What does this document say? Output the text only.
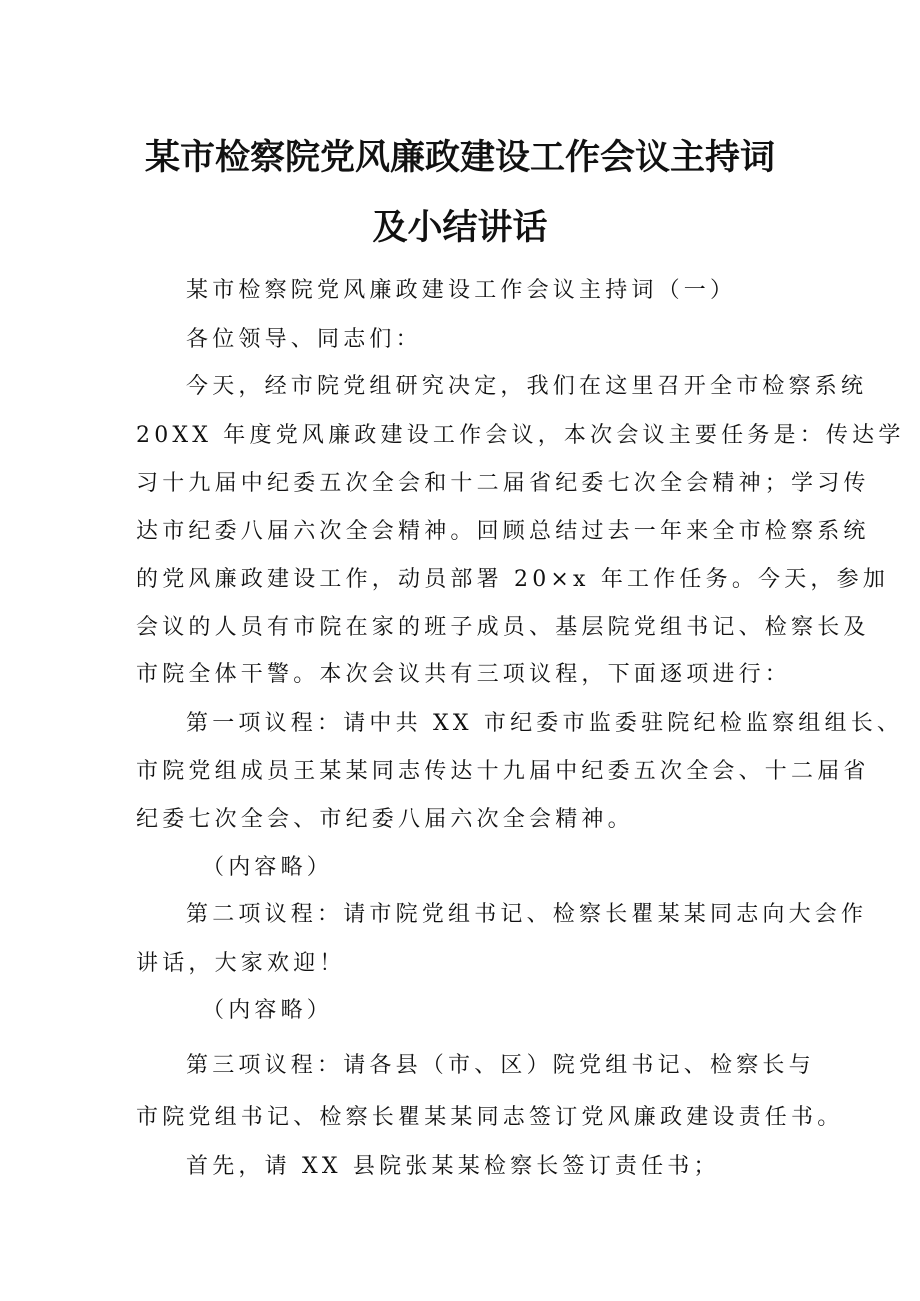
某市检察院党风廉政建设工作会议主持词
及小结讲话
某市检察院党风廉政建设工作会议主持词（一）
各位领导、同志们：
今天，经市院党组研究决定，我们在这里召开全市检察系统
20XX 年度党风廉政建设工作会议，本次会议主要任务是：传达学
习十九届中纪委五次全会和十二届省纪委七次全会精神；学习传
达市纪委八届六次全会精神。回顾总结过去一年来全市检察系统
的党风廉政建设工作，动员部署 20×x 年工作任务。今天，参加
会议的人员有市院在家的班子成员、基层院党组书记、检察长及
市院全体干警。本次会议共有三项议程，下面逐项进行：
第一项议程：请中共 XX 市纪委市监委驻院纪检监察组组长、
市院党组成员王某某同志传达十九届中纪委五次全会、十二届省
纪委七次全会、市纪委八届六次全会精神。
（内容略）
第二项议程：请市院党组书记、检察长瞿某某同志向大会作
讲话，大家欢迎！
（内容略）
第三项议程：请各县（市、区）院党组书记、检察长与
市院党组书记、检察长瞿某某同志签订党风廉政建设责任书。
首先，请 XX 县院张某某检察长签订责任书；
